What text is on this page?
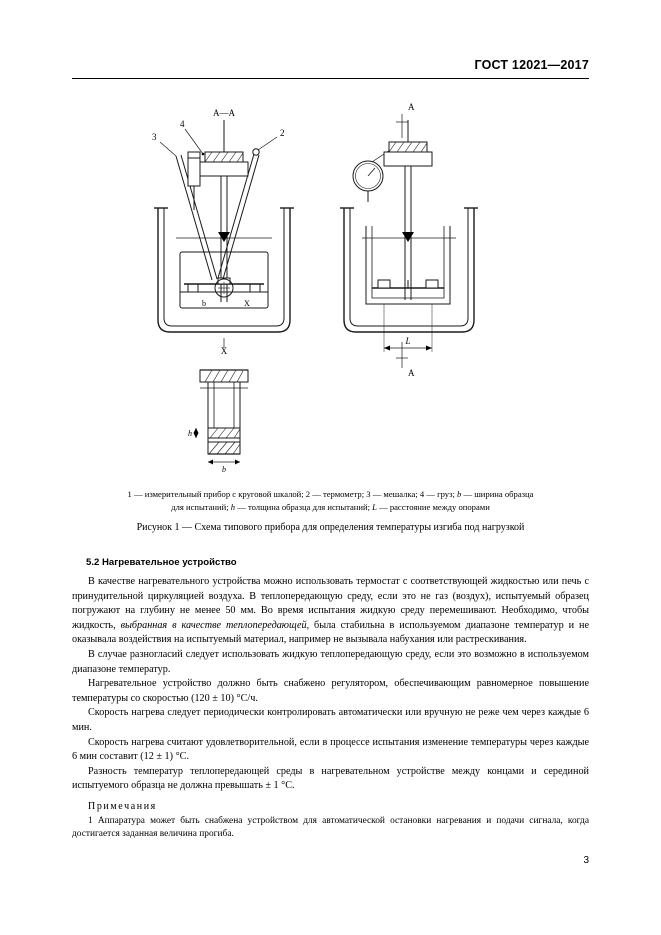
ГОСТ 12021—2017
А—А
4
2
3
X
b	X
А
А
L
h
b
1 — измерительный прибор с круговой шкалой; 2 — термометр; 3 — мешалка; 4 — груз; b — ширина образца
для испытаний; h — толщина образца для испытаний; L — расстояние между опорами
Рисунок 1 — Схема типового прибора для определения температуры изгиба под нагрузкой
5.2 Нагревательное устройство

В качестве нагревательного устройства можно использовать термостат с соответствующей жидкостью или печь с принудительной циркуляцией воздуха. В теплопередающую среду, если это не газ (воздух), испытуемый образец погружают на глубину не менее 50 мм. Во время испытания жидкую среду перемешивают. Необходимо, чтобы жидкость, выбранная в качестве теплопередающей, была стабильна в используемом диапазоне температур и не оказывала воздействия на испытуемый материал, например не вызывала набухания или растрескивания.

В случае разногласий следует использовать жидкую теплопередающую среду, если это возможно в используемом диапазоне температур.

Нагревательное устройство должно быть снабжено регулятором, обеспечивающим равномерное повышение температуры со скоростью (120 ± 10) °С/ч.

Скорость нагрева следует периодически контролировать автоматически или вручную не реже чем через каждые 6 мин.

Скорость нагрева считают удовлетворительной, если в процессе испытания изменение температуры через каждые 6 мин составит (12 ± 1) °С.

Разность температур теплопередающей среды в нагревательном устройстве между концами и серединой испытуемого образца не должна превышать ± 1 °С.

Примечания
1 Аппаратура может быть снабжена устройством для автоматической остановки нагревания и подачи сигнала, когда достигается заданная величина прогиба.
3
